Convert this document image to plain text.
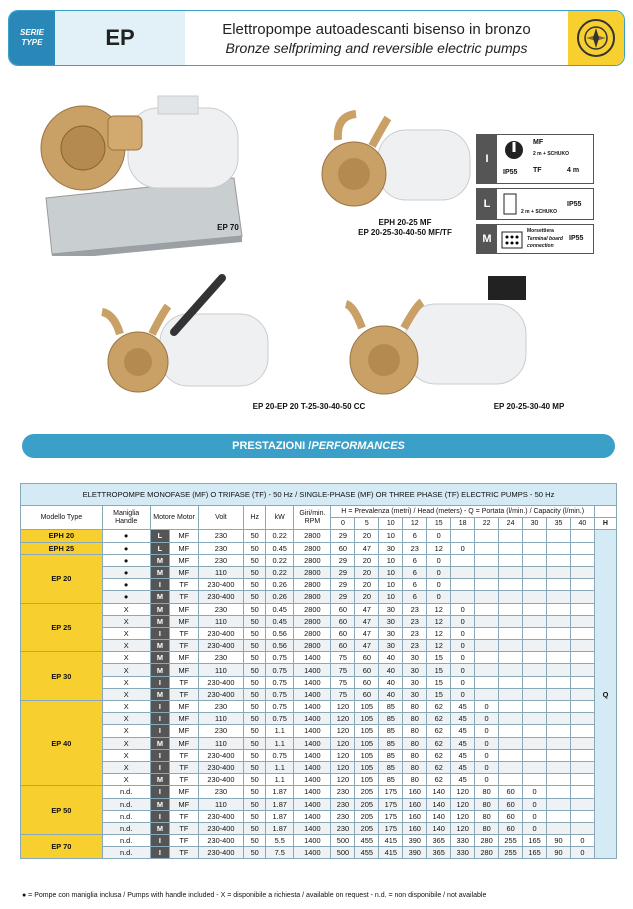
SERIE
TYPE	EP	Elettropompe autoadescanti bisenso in bronzo
Bronze selfpriming and reversible electric pumps
EP 70
EPH 20-25 MF
EP 20-25-30-40-50 MF/TF
EP 20-EP 20 T-25-30-40-50 CC	EP 20-25-30-40 MP
I
IP55
MF
2 m + SCHUKO
TF	4 m
L
2 m + SCHUKO
IP55
M
Morsettiera
Terminal board
connection
IP55
PRESTAZIONI / PERFORMANCES
ELETTROPOMPE MONOFASE (MF) O TRIFASE (TF) - 50 Hz / SINGLE-PHASE (MF) OR THREE PHASE (TF) ELECTRIC PUMPS - 50 Hz																			
Modello Type	Maniglia Handle	Motore Motor		Volt	Hz	kW	Giri/min. RPM	H = Prevalenza (metri) / Head (meters) - Q = Portata (l/min.) / Capacity (l/min.)											
								0	5	10	12	15	18	22	24	30	35	40	H
EPH 20	●	L	MF	230	50	0.22	2800	29	20	10	6	0							Q
EPH 25	●	L	MF	230	50	0.45	2800	60	47	30	23	12	0						
EP 20	●	M	MF	230	50	0.22	2800	29	20	10	6	0							
	●	M	MF	110	50	0.22	2800	29	20	10	6	0							
	●	I	TF	230-400	50	0.26	2800	29	20	10	6	0							
	●	M	TF	230-400	50	0.26	2800	29	20	10	6	0							
EP 25	X	M	MF	230	50	0.45	2800	60	47	30	23	12	0						
	X	M	MF	110	50	0.45	2800	60	47	30	23	12	0						
	X	I	TF	230-400	50	0.56	2800	60	47	30	23	12	0						
	X	M	TF	230-400	50	0.56	2800	60	47	30	23	12	0						
EP 30	X	M	MF	230	50	0.75	1400	75	60	40	30	15	0						
	X	M	MF	110	50	0.75	1400	75	60	40	30	15	0						
	X	I	TF	230-400	50	0.75	1400	75	60	40	30	15	0						
	X	M	TF	230-400	50	0.75	1400	75	60	40	30	15	0						
EP 40	X	I	MF	230	50	0.75	1400	120	105	85	80	62	45	0					
	X	I	MF	110	50	0.75	1400	120	105	85	80	62	45	0					
	X	I	MF	230	50	1.1	1400	120	105	85	80	62	45	0					
	X	M	MF	110	50	1.1	1400	120	105	85	80	62	45	0					
	X	I	TF	230-400	50	0.75	1400	120	105	85	80	62	45	0					
	X	I	TF	230-400	50	1.1	1400	120	105	85	80	62	45	0					
	X	M	TF	230-400	50	1.1	1400	120	105	85	80	62	45	0					
EP 50	n.d.	I	MF	230	50	1.87	1400	230	205	175	160	140	120	80	60	0			
	n.d.	M	MF	110	50	1.87	1400	230	205	175	160	140	120	80	60	0			
	n.d.	I	TF	230-400	50	1.87	1400	230	205	175	160	140	120	80	60	0			
	n.d.	M	TF	230-400	50	1.87	1400	230	205	175	160	140	120	80	60	0			
EP 70	n.d.	I	TF	230-400	50	5.5	1400	500	455	415	390	365	330	280	255	165	90	0	
	n.d.	I	TF	230-400	50	7.5	1400	500	455	415	390	365	330	280	255	165	90	0	
● = Pompe con maniglia inclusa / Pumps with handle included - X = disponibile a richiesta / available on request - n.d. = non disponibile / not available
